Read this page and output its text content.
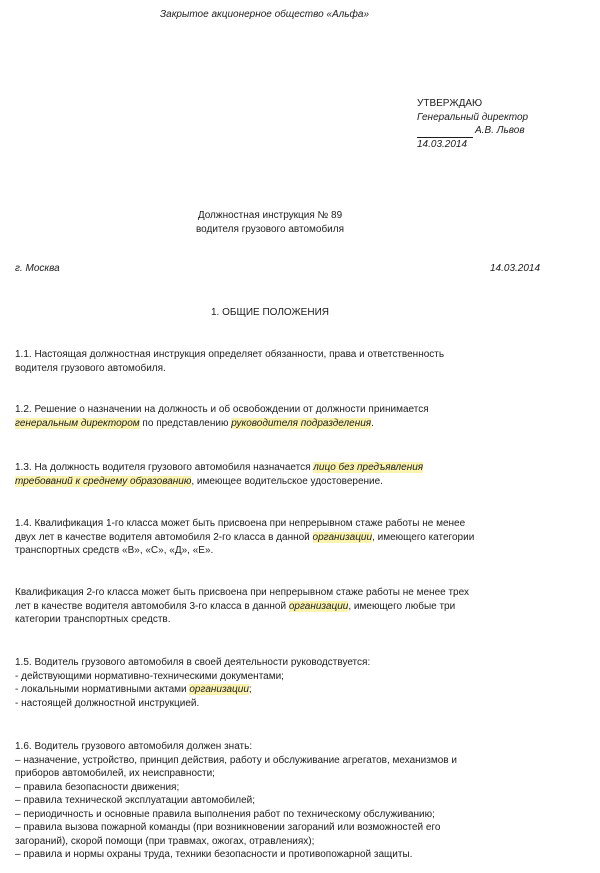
Закрытое акционерное общество «Альфа»
УТВЕРЖДАЮ
Генеральный директор
А.В. Львов
14.03.2014
Должностная инструкция № 89
водителя грузового автомобиля
г. Москва	14.03.2014
1. ОБЩИЕ ПОЛОЖЕНИЯ
1.1. Настоящая должностная инструкция определяет обязанности, права и ответственность
водителя грузового автомобиля.
1.2. Решение о назначении на должность и об освобождении от должности принимается
генеральным директором по представлению руководителя подразделения.
1.3. На должность водителя грузового автомобиля назначается лицо без предъявления
требований к среднему образованию, имеющее водительское удостоверение.
1.4. Квалификация 1-го класса может быть присвоена при непрерывном стаже работы не менее
двух лет в качестве водителя автомобиля 2-го класса в данной организации, имеющего категории
транспортных средств «В», «С», «Д», «Е».
Квалификация 2-го класса может быть присвоена при непрерывном стаже работы не менее трех
лет в качестве водителя автомобиля 3-го класса в данной организации, имеющего любые три
категории транспортных средств.
1.5. Водитель грузового автомобиля в своей деятельности руководствуется:
- действующими нормативно-техническими документами;
- локальными нормативными актами организации;
- настоящей должностной инструкцией.
1.6. Водитель грузового автомобиля должен знать:
– назначение, устройство, принцип действия, работу и обслуживание агрегатов, механизмов и
приборов автомобилей, их неисправности;
– правила безопасности движения;
– правила технической эксплуатации автомобилей;
– периодичность и основные правила выполнения работ по техническому обслуживанию;
– правила вызова пожарной команды (при возникновении загораний или возможностей его
загораний), скорой помощи (при травмах, ожогах, отравлениях);
– правила и нормы охраны труда, техники безопасности и противопожарной защиты.
